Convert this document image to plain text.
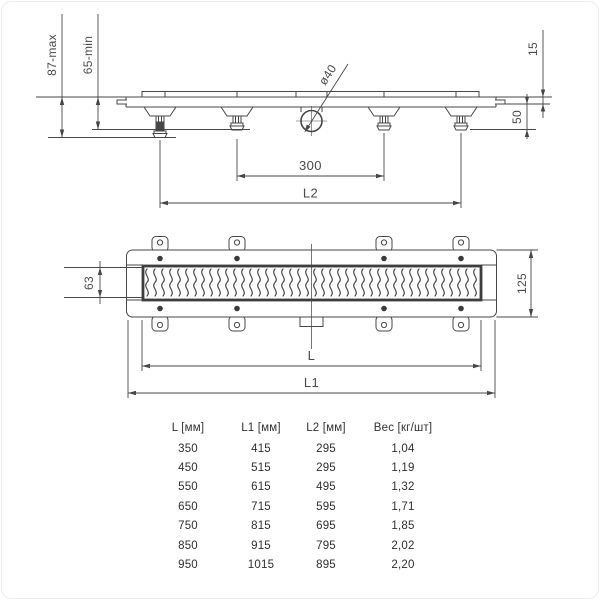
87-max 65-min	15
50
ø40
300
L2
63	125
L
L1
L [мм]	L1 [мм]	L2 [мм]	Вес [кг/шт]
350	415	295	1,04
450	515	295	1,19
550	615	495	1,32
650	715	595	1,71
750	815	695	1,85
850	915	795	2,02
950	1015	895	2,20
